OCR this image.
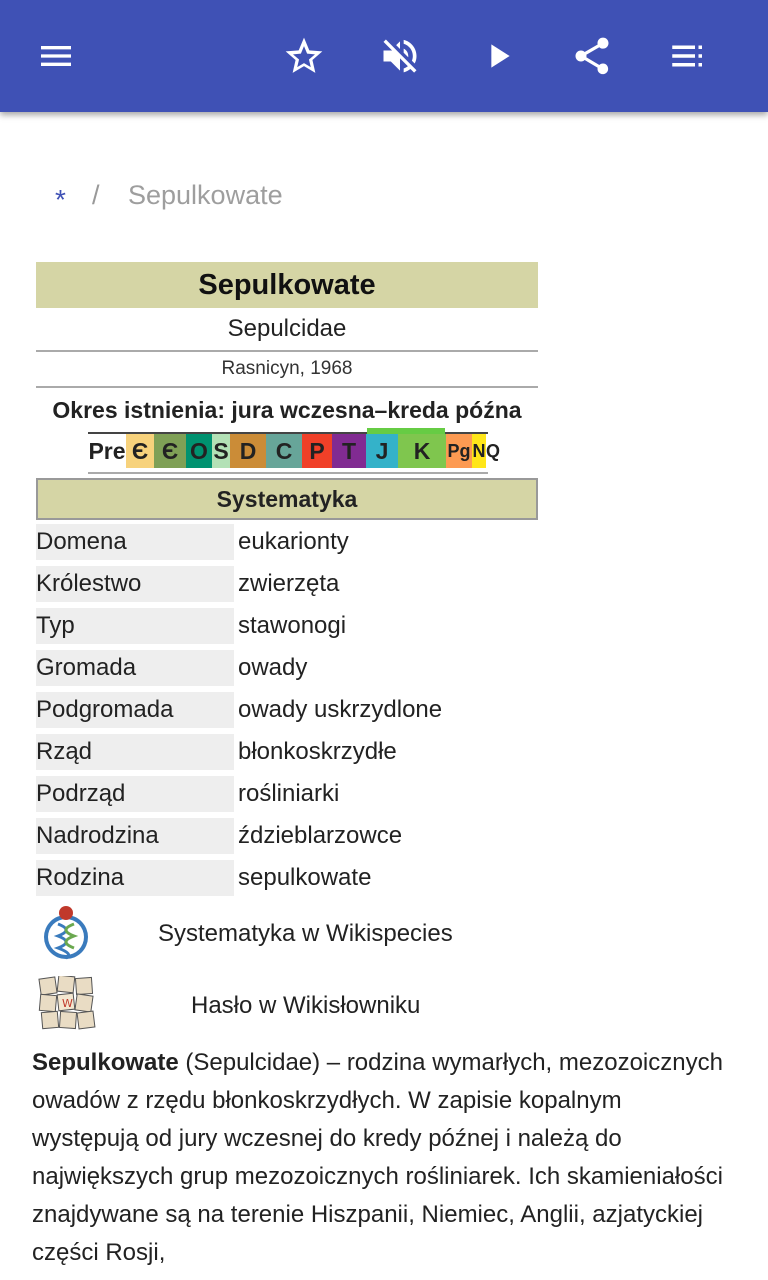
* / Sepulkowate
Sepulkowate
Sepulcidae
Rasnicyn, 1968
Okres istnienia: jura wczesna–kreda późna
Pre Є Є O S D C P T J	K Pg N Q
Systematyka
Domena	eukarionty
Królestwo	zwierzęta
Typ	stawonogi
Gromada	owady
Podgromada	owady uskrzydlone
Rząd	błonkoskrzydłe
Podrząd	rośliniarki
Nadrodzina	ździeblarzowce
Rodzina	sepulkowate
Systematyka w Wikispecies
W	Hasło w Wikisłowniku
Sepulkowate (Sepulcidae) – rodzina wymarłych, mezozoicznych owadów z rzędu błonkoskrzydłych. W zapisie kopalnym występują od jury wczesnej do kredy późnej i należą do największych grup mezozoicznych rośliniarek. Ich skamieniałości znajdywane są na terenie Hiszpanii, Niemiec, Anglii, azjatyckiej części Rosji,
